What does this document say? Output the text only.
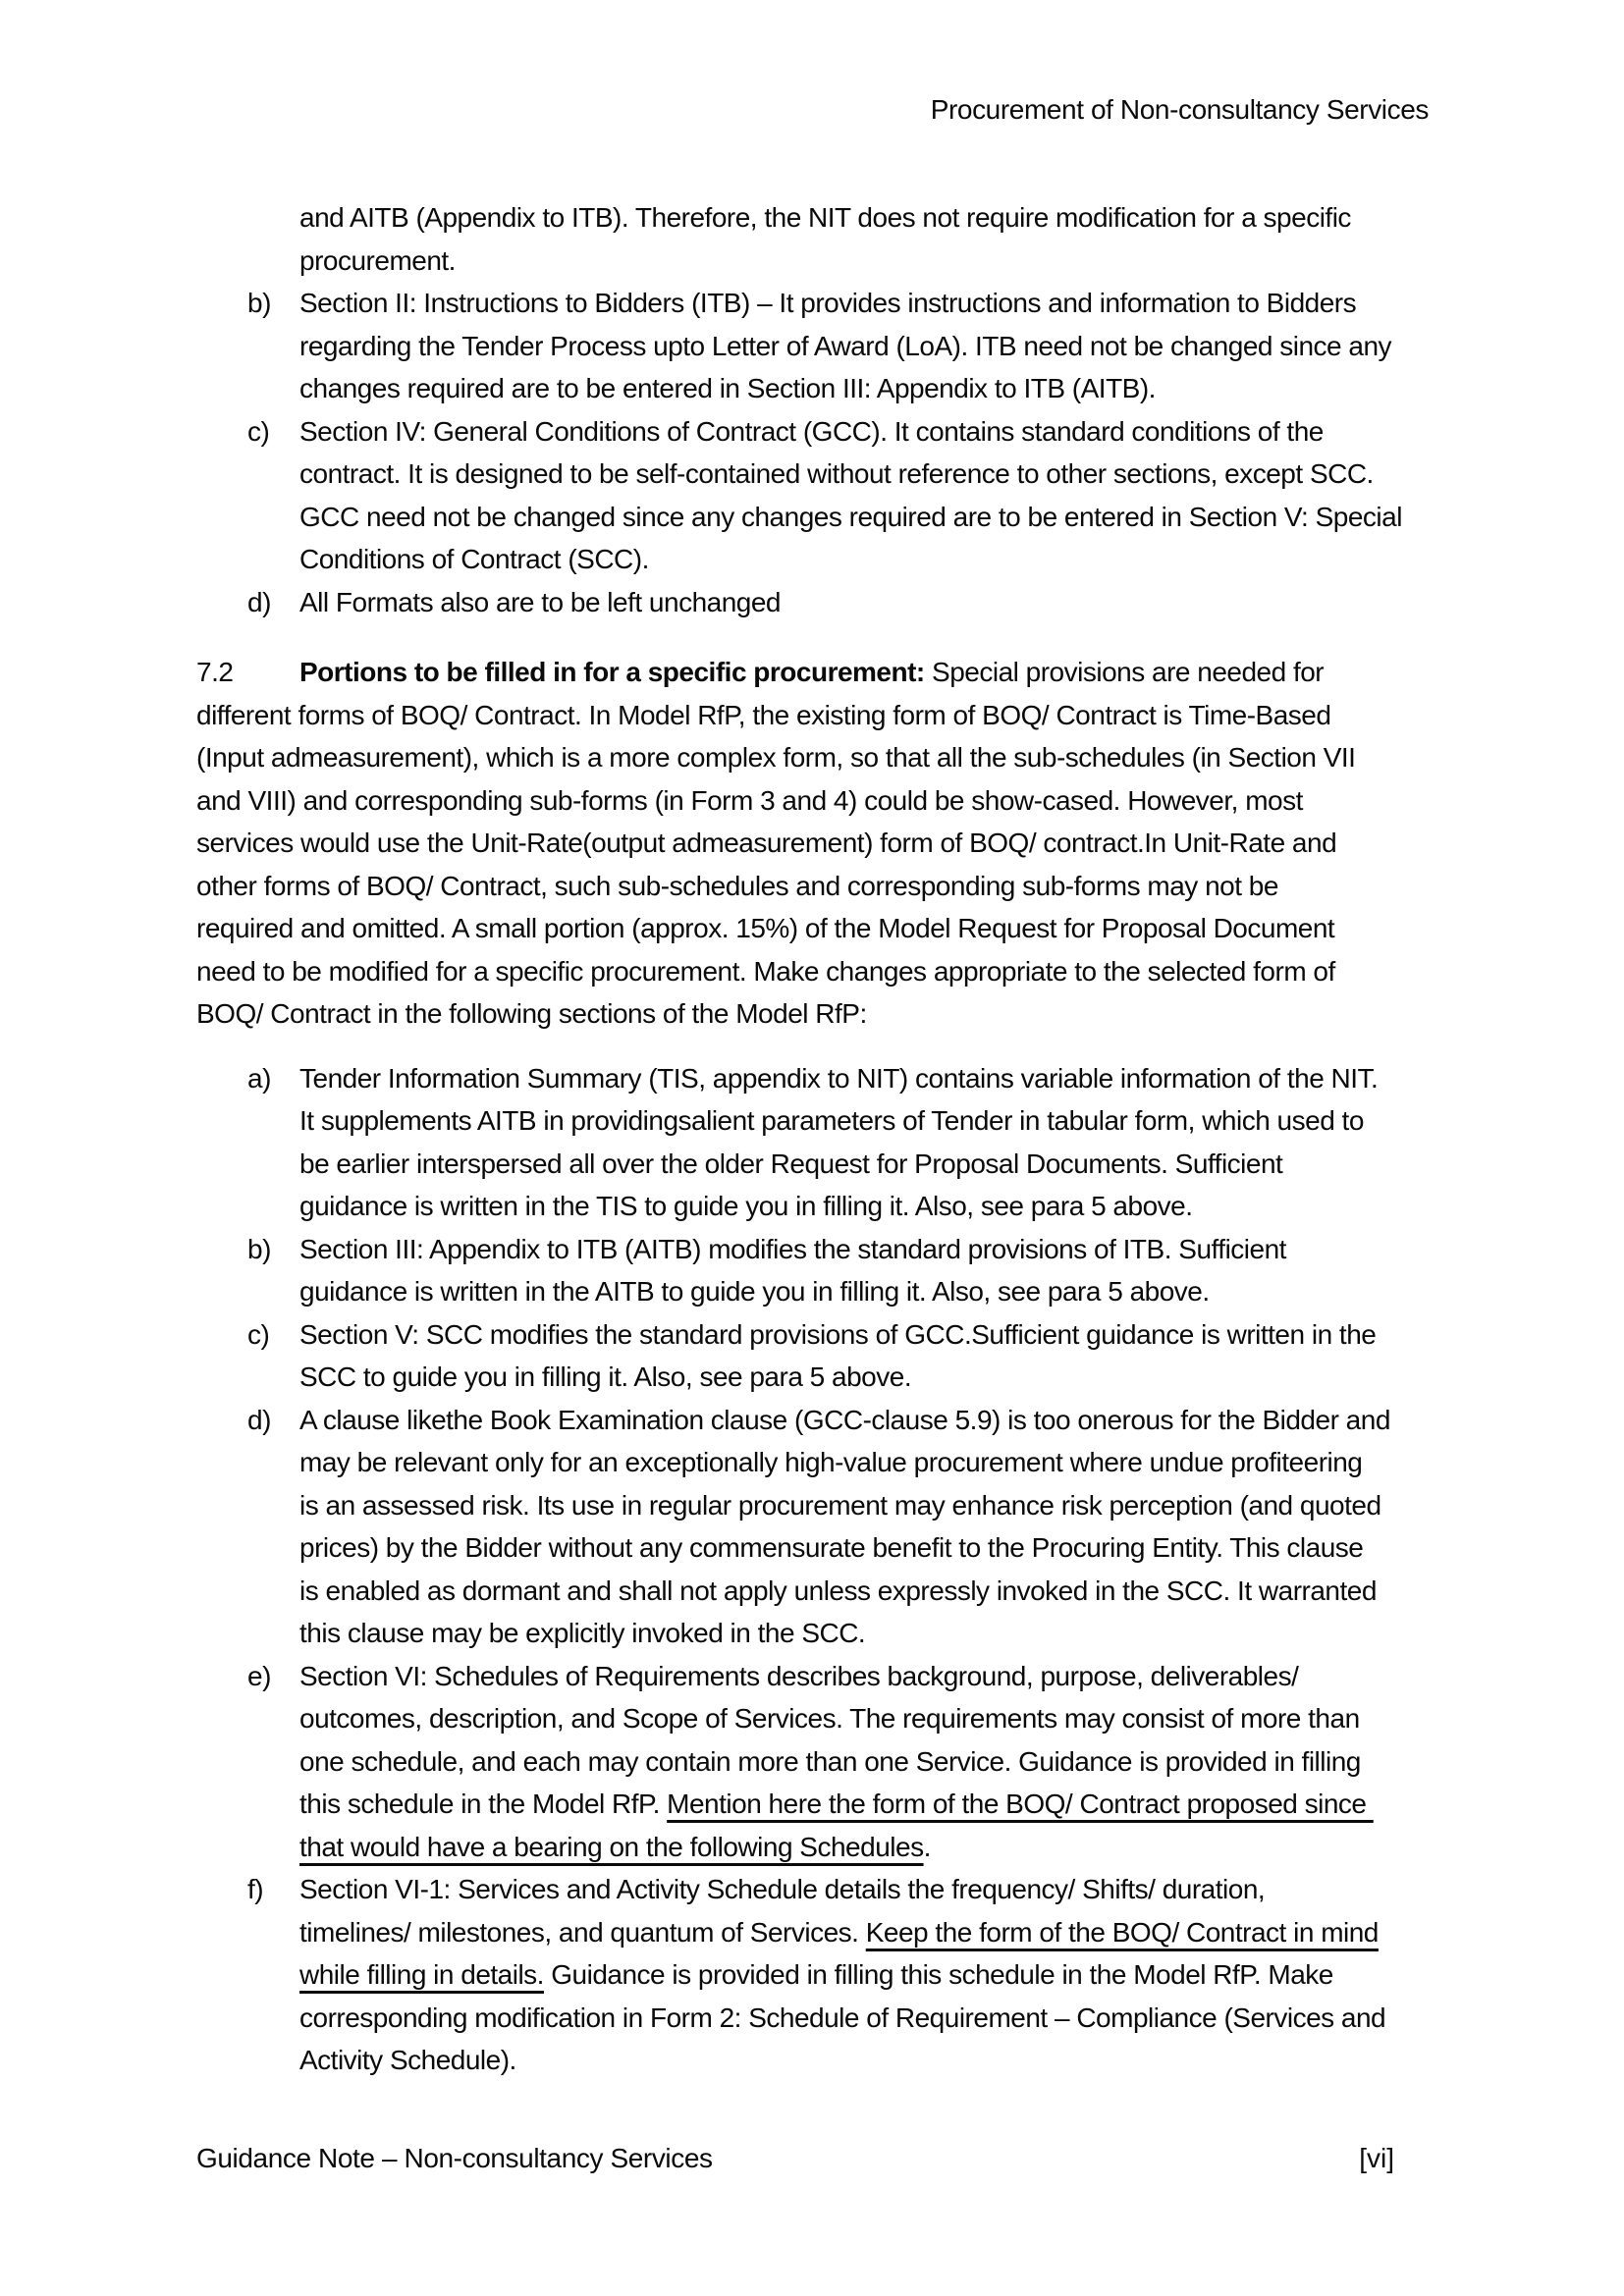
Procurement of Non-consultancy Services
and AITB (Appendix to ITB). Therefore, the NIT does not require modification for a specific
procurement.
b) Section II: Instructions to Bidders (ITB) – It provides instructions and information to Bidders
regarding the Tender Process upto Letter of Award (LoA). ITB need not be changed since any
changes required are to be entered in Section III: Appendix to ITB (AITB).
c) Section IV: General Conditions of Contract (GCC). It contains standard conditions of the
contract. It is designed to be self-contained without reference to other sections, except SCC.
GCC need not be changed since any changes required are to be entered in Section V: Special
Conditions of Contract (SCC).
d) All Formats also are to be left unchanged
7.2 Portions to be filled in for a specific procurement: Special provisions are needed for
different forms of BOQ/ Contract. In Model RfP, the existing form of BOQ/ Contract is Time-Based
(Input admeasurement), which is a more complex form, so that all the sub-schedules (in Section VII
and VIII) and corresponding sub-forms (in Form 3 and 4) could be show-cased. However, most
services would use the Unit-Rate(output admeasurement) form of BOQ/ contract.In Unit-Rate and
other forms of BOQ/ Contract, such sub-schedules and corresponding sub-forms may not be
required and omitted. A small portion (approx. 15%) of the Model Request for Proposal Document
need to be modified for a specific procurement. Make changes appropriate to the selected form of
BOQ/ Contract in the following sections of the Model RfP:
a) Tender Information Summary (TIS, appendix to NIT) contains variable information of the NIT.
It supplements AITB in providingsalient parameters of Tender in tabular form, which used to
be earlier interspersed all over the older Request for Proposal Documents. Sufficient
guidance is written in the TIS to guide you in filling it. Also, see para 5 above.
b) Section III: Appendix to ITB (AITB) modifies the standard provisions of ITB. Sufficient
guidance is written in the AITB to guide you in filling it. Also, see para 5 above.
c) Section V: SCC modifies the standard provisions of GCC.Sufficient guidance is written in the
SCC to guide you in filling it. Also, see para 5 above.
d) A clause likethe Book Examination clause (GCC-clause 5.9) is too onerous for the Bidder and
may be relevant only for an exceptionally high-value procurement where undue profiteering
is an assessed risk. Its use in regular procurement may enhance risk perception (and quoted
prices) by the Bidder without any commensurate benefit to the Procuring Entity. This clause
is enabled as dormant and shall not apply unless expressly invoked in the SCC. It warranted
this clause may be explicitly invoked in the SCC.
e) Section VI: Schedules of Requirements describes background, purpose, deliverables/
outcomes, description, and Scope of Services. The requirements may consist of more than
one schedule, and each may contain more than one Service. Guidance is provided in filling
this schedule in the Model RfP. Mention here the form of the BOQ/ Contract proposed since
that would have a bearing on the following Schedules.
f) Section VI-1: Services and Activity Schedule details the frequency/ Shifts/ duration,
timelines/ milestones, and quantum of Services. Keep the form of the BOQ/ Contract in mind
while filling in details. Guidance is provided in filling this schedule in the Model RfP. Make
corresponding modification in Form 2: Schedule of Requirement – Compliance (Services and
Activity Schedule).
Guidance Note – Non-consultancy Services	[vi]
